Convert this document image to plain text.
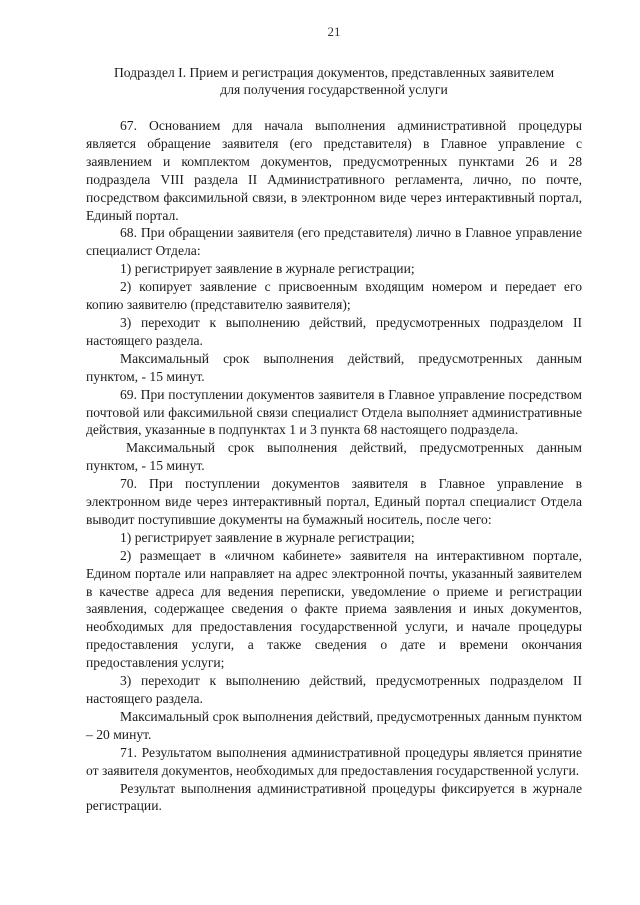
21
Подраздел I. Прием и регистрация документов, представленных заявителем
для получения государственной услуги

67. Основанием для начала выполнения административной процедуры является обращение заявителя (его представителя) в Главное управление с заявлением и комплектом документов, предусмотренных пунктами 26 и 28 подраздела VIII раздела II Административного регламента, лично, по почте, посредством факсимильной связи, в электронном виде через интерактивный портал, Единый портал.

68. При обращении заявителя (его представителя) лично в Главное управление специалист Отдела:

1) регистрирует заявление в журнале регистрации;

2) копирует заявление с присвоенным входящим номером и передает его копию заявителю (представителю заявителя);

3) переходит к выполнению действий, предусмотренных подразделом II настоящего раздела.

Максимальный срок выполнения действий, предусмотренных данным пунктом, - 15 минут.

69. При поступлении документов заявителя в Главное управление посредством почтовой или факсимильной связи специалист Отдела выполняет административные действия, указанные в подпунктах 1 и 3 пункта 68 настоящего подраздела.

Максимальный срок выполнения действий, предусмотренных данным пунктом, - 15 минут.

70. При поступлении документов заявителя в Главное управление в электронном виде через интерактивный портал, Единый портал специалист Отдела выводит поступившие документы на бумажный носитель, после чего:

1) регистрирует заявление в журнале регистрации;

2) размещает в «личном кабинете» заявителя на интерактивном портале, Едином портале или направляет на адрес электронной почты, указанный заявителем в качестве адреса для ведения переписки, уведомление о приеме и регистрации заявления, содержащее сведения о факте приема заявления и иных документов, необходимых для предоставления государственной услуги, и начале процедуры предоставления услуги, а также сведения о дате и времени окончания предоставления услуги;

3) переходит к выполнению действий, предусмотренных подразделом II настоящего раздела.

Максимальный срок выполнения действий, предусмотренных данным пунктом – 20 минут.

71. Результатом выполнения административной процедуры является принятие от заявителя документов, необходимых для предоставления государственной услуги.

Результат выполнения административной процедуры фиксируется в журнале регистрации.
